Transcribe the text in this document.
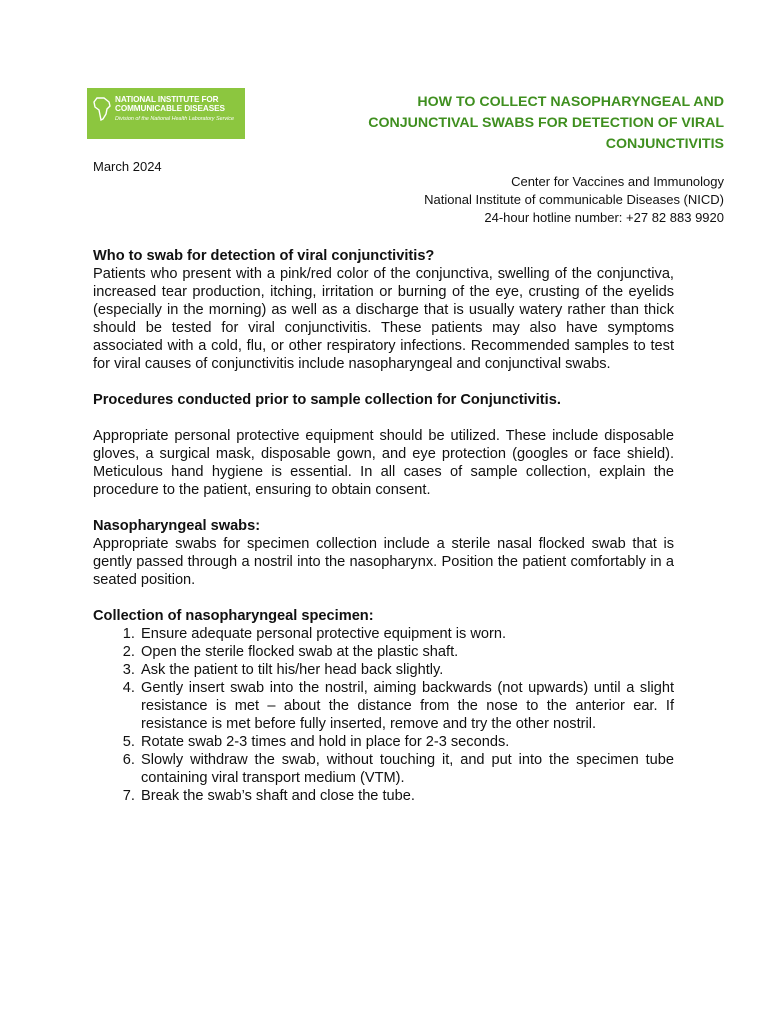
NATIONAL INSTITUTE FOR
COMMUNICABLE DISEASES
Division of the National Health Laboratory Service
HOW TO COLLECT NASOPHARYNGEAL AND
CONJUNCTIVAL SWABS FOR DETECTION OF VIRAL
CONJUNCTIVITIS
March 2024
Center for Vaccines and Immunology
National Institute of communicable Diseases (NICD)
24-hour hotline number: +27 82 883 9920
Who to swab for detection of viral conjunctivitis?

Patients who present with a pink/red color of the conjunctiva, swelling of the conjunctiva, increased tear production, itching, irritation or burning of the eye, crusting of the eyelids (especially in the morning) as well as a discharge that is usually watery rather than thick should be tested for viral conjunctivitis. These patients may also have symptoms associated with a cold, flu, or other respiratory infections. Recommended samples to test for viral causes of conjunctivitis include nasopharyngeal and conjunctival swabs.

Procedures conducted prior to sample collection for Conjunctivitis.

Appropriate personal protective equipment should be utilized. These include disposable gloves, a surgical mask, disposable gown, and eye protection (googles or face shield). Meticulous hand hygiene is essential. In all cases of sample collection, explain the procedure to the patient, ensuring to obtain consent.

Nasopharyngeal swabs:

Appropriate swabs for specimen collection include a sterile nasal flocked swab that is gently passed through a nostril into the nasopharynx. Position the patient comfortably in a seated position.

Collection of nasopharyngeal specimen:
1. Ensure adequate personal protective equipment is worn.
2. Open the sterile flocked swab at the plastic shaft.
3. Ask the patient to tilt his/her head back slightly.
4. Gently insert swab into the nostril, aiming backwards (not upwards) until a slight resistance is met – about the distance from the nose to the anterior ear. If resistance is met before fully inserted, remove and try the other nostril.
5. Rotate swab 2-3 times and hold in place for 2-3 seconds.
6. Slowly withdraw the swab, without touching it, and put into the specimen tube containing viral transport medium (VTM).
7. Break the swab’s shaft and close the tube.
